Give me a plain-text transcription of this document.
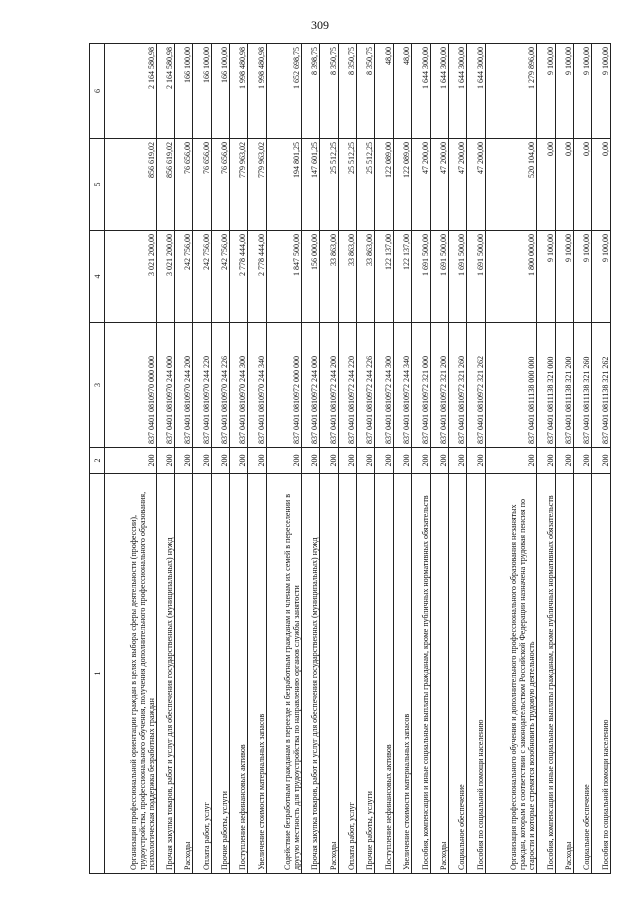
309
1	2	3	4	5	6
Организация профессиональной ориентации граждан в целях выбора сферы деятельности (профессии), трудоустройства, профессионального обучения, получения дополнительного профессионального образования, психологическая поддержка безработных граждан	200	837 0401 0810970 000 000	3 021 200,00	856 619,02	2 164 580,98
Прочая закупка товаров, работ и услуг для обеспечения государственных (муниципальных) нужд	200	837 0401 0810970 244 000	3 021 200,00	856 619,02	2 164 580,98
Расходы	200	837 0401 0810970 244 200	242 756,00	76 656,00	166 100,00
Оплата работ, услуг	200	837 0401 0810970 244 220	242 756,00	76 656,00	166 100,00
Прочие работы, услуги	200	837 0401 0810970 244 226	242 756,00	76 656,00	166 100,00
Поступление нефинансовых активов	200	837 0401 0810970 244 300	2 778 444,00	779 963,02	1 998 480,98
Увеличение стоимости материальных запасов	200	837 0401 0810970 244 340	2 778 444,00	779 963,02	1 998 480,98
Содействие безработным гражданам в переезде и безработным гражданам и членам их семей в переселении в другую местность для трудоустройства по направлению органов службы занятости	200	837 0401 0810972 000 000	1 847 500,00	194 801,25	1 652 698,75
Прочая закупка товаров, работ и услуг для обеспечения государственных (муниципальных) нужд	200	837 0401 0810972 244 000	156 000,00	147 601,25	8 398,75
Расходы	200	837 0401 0810972 244 200	33 863,00	25 512,25	8 350,75
Оплата работ, услуг	200	837 0401 0810972 244 220	33 863,00	25 512,25	8 350,75
Прочие работы, услуги	200	837 0401 0810972 244 226	33 863,00	25 512,25	8 350,75
Поступление нефинансовых активов	200	837 0401 0810972 244 300	122 137,00	122 089,00	48,00
Увеличение стоимости материальных запасов	200	837 0401 0810972 244 340	122 137,00	122 089,00	48,00
Пособия, компенсации и иные социальные выплаты гражданам, кроме публичных нормативных обязательств	200	837 0401 0810972 321 000	1 691 500,00	47 200,00	1 644 300,00
Расходы	200	837 0401 0810972 321 200	1 691 500,00	47 200,00	1 644 300,00
Социальное обеспечение	200	837 0401 0810972 321 260	1 691 500,00	47 200,00	1 644 300,00
Пособия по социальной помощи населению	200	837 0401 0810972 321 262	1 691 500,00	47 200,00	1 644 300,00
Организация профессионального обучения и дополнительного профессионального образования незанятых граждан, которым в соответствии с законодательством Российской Федерации назначена трудовая пенсия по старости и которые стремятся возобновить трудовую деятельность	200	837 0401 0811138 000 000	1 800 000,00	520 104,00	1 279 896,00
Пособия, компенсации и иные социальные выплаты гражданам, кроме публичных нормативных обязательств	200	837 0401 0811138 321 000	9 100,00	0,00	9 100,00
Расходы	200	837 0401 0811138 321 200	9 100,00	0,00	9 100,00
Социальное обеспечение	200	837 0401 0811138 321 260	9 100,00	0,00	9 100,00
Пособия по социальной помощи населению	200	837 0401 0811138 321 262	9 100,00	0,00	9 100,00
